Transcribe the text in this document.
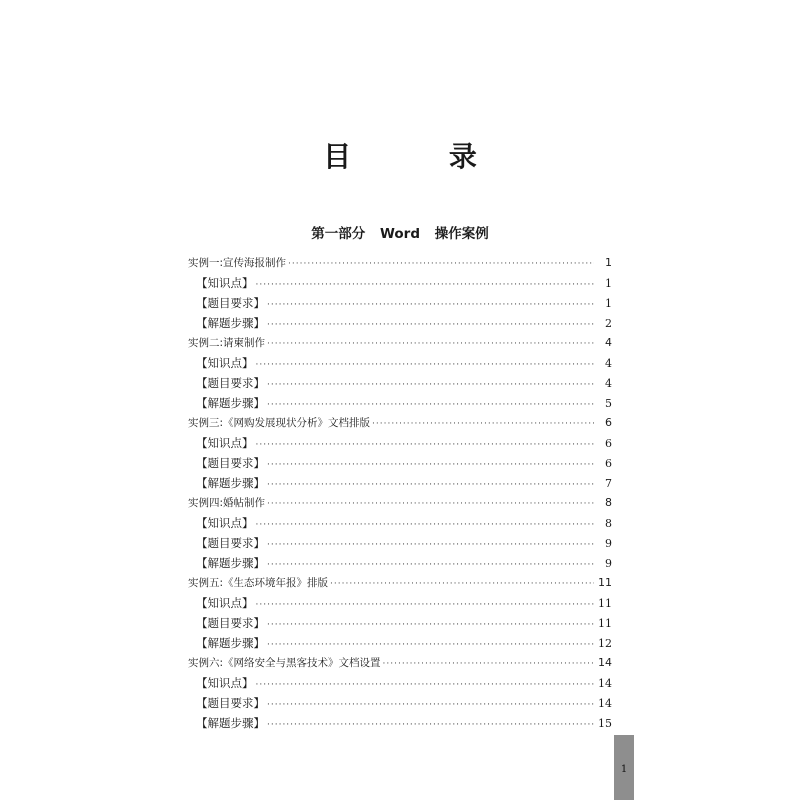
目 录
第一部分 Word 操作案例
实例一:宣传海报制作 ·····	1
【知识点】 ·····	1
【题目要求】 ·····	1
【解题步骤】 ·····	2
实例二:请柬制作 ·····	4
【知识点】 ·····	4
【题目要求】 ·····	4
【解题步骤】 ·····	5
实例三:《网购发展现状分析》文档排版 ·····	6
【知识点】 ·····	6
【题目要求】 ·····	6
【解题步骤】 ·····	7
实例四:婚帖制作 ·····	8
【知识点】 ·····	8
【题目要求】 ·····	9
【解题步骤】 ·····	9
实例五:《生态环境年报》排版 ·····	11
【知识点】 ·····	11
【题目要求】 ·····	11
【解题步骤】 ·····	12
实例六:《网络安全与黑客技术》文档设置 ·····	14
【知识点】 ·····	14
【题目要求】 ·····	14
【解题步骤】 ·····	15
1
